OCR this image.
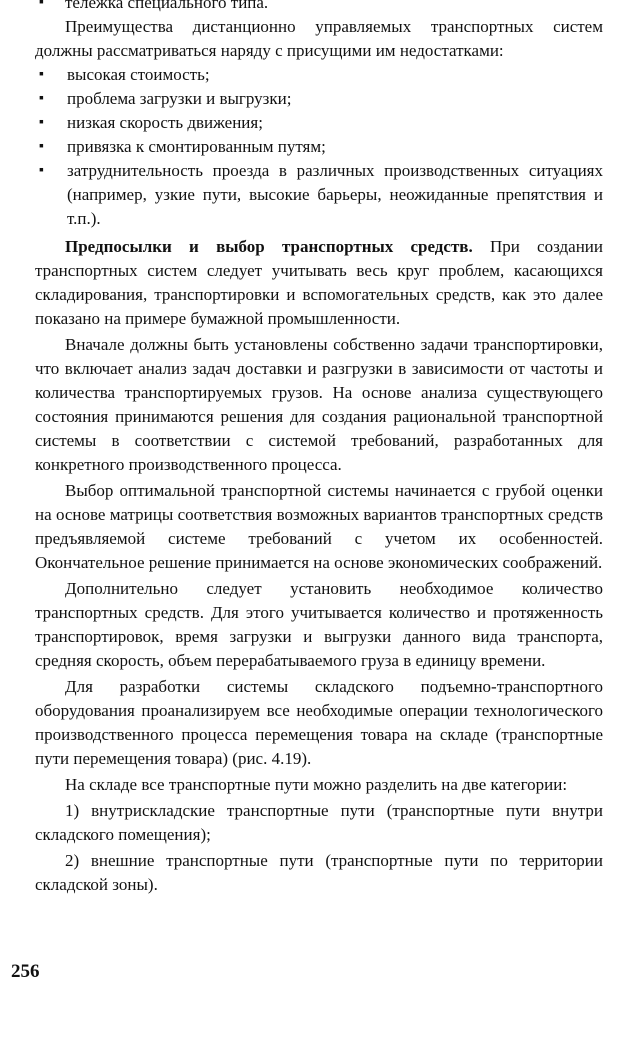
▪ тележка специального типа.

Преимущества дистанционно управляемых транспортных систем должны рассматриваться наряду с присущими им недостатками:

▪ высокая стоимость;
▪ проблема загрузки и выгрузки;
▪ низкая скорость движения;
▪ привязка к смонтированным путям;
▪ затруднительность проезда в различных производственных ситуациях (например, узкие пути, высокие барьеры, неожиданные препятствия и т.п.).

Предпосылки и выбор транспортных средств. При создании транспортных систем следует учитывать весь круг проблем, касающихся складирования, транспортировки и вспомогательных средств, как это далее показано на примере бумажной промышленности.

Вначале должны быть установлены собственно задачи транспортировки, что включает анализ задач доставки и разгрузки в зависимости от частоты и количества транспортируемых грузов. На основе анализа существующего состояния принимаются решения для создания рациональной транспортной системы в соответствии с системой требований, разработанных для конкретного производственного процесса.

Выбор оптимальной транспортной системы начинается с грубой оценки на основе матрицы соответствия возможных вариантов транспортных средств предъявляемой системе требований с учетом их особенностей. Окончательное решение принимается на основе экономических соображений.

Дополнительно следует установить необходимое количество транспортных средств. Для этого учитывается количество и протяженность транспортировок, время загрузки и выгрузки данного вида транспорта, средняя скорость, объем перерабатываемого груза в единицу времени.

Для разработки системы складского подъемно-транспортного оборудования проанализируем все необходимые операции технологического производственного процесса перемещения товара на складе (транспортные пути перемещения товара) (рис. 4.19).

На складе все транспортные пути можно разделить на две категории:

1) внутрискладские транспортные пути (транспортные пути внутри складского помещения);

2) внешние транспортные пути (транспортные пути по территории складской зоны).

256
